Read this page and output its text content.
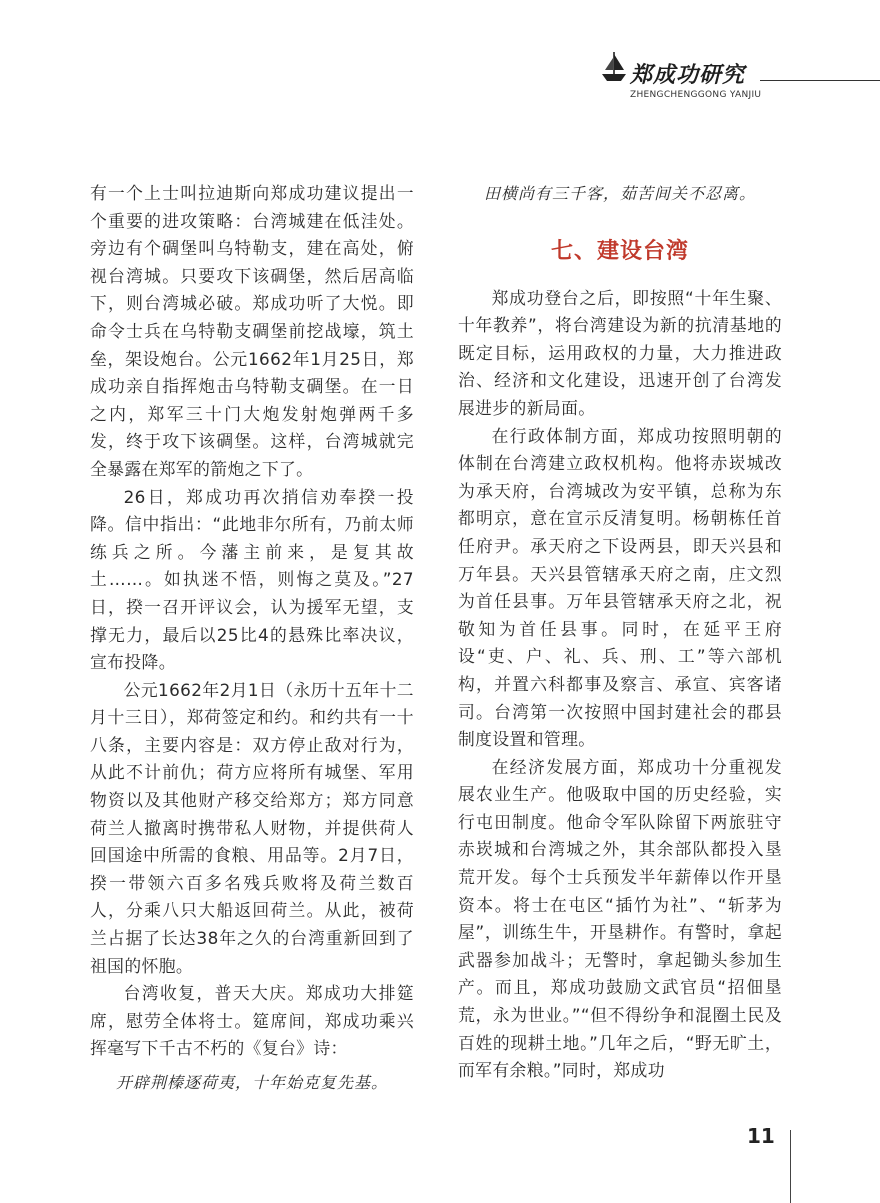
郑成功研究
ZHENGCHENGGONG YANJIU

有一个上士叫拉迪斯向郑成功建议提出一个重要的进攻策略：台湾城建在低洼处。旁边有个碉堡叫乌特勒支，建在高处，俯视台湾城。只要攻下该碉堡，然后居高临下，则台湾城必破。郑成功听了大悦。即命令士兵在乌特勒支碉堡前挖战壕，筑土垒，架设炮台。公元1662年1月25日，郑成功亲自指挥炮击乌特勒支碉堡。在一日之内，郑军三十门大炮发射炮弹两千多发，终于攻下该碉堡。这样，台湾城就完全暴露在郑军的箭炮之下了。

26日，郑成功再次捎信劝奉揆一投降。信中指出：“此地非尔所有，乃前太师练兵之所。今藩主前来，是复其故土……。如执迷不悟，则悔之莫及。”27日，揆一召开评议会，认为援军无望，支撑无力，最后以25比4的悬殊比率决议，宣布投降。

公元1662年2月1日（永历十五年十二月十三日），郑荷签定和约。和约共有一十八条，主要内容是：双方停止敌对行为，从此不计前仇；荷方应将所有城堡、军用物资以及其他财产移交给郑方；郑方同意荷兰人撤离时携带私人财物，并提供荷人回国途中所需的食粮、用品等。2月7日，揆一带领六百多名残兵败将及荷兰数百人，分乘八只大船返回荷兰。从此，被荷兰占据了长达38年之久的台湾重新回到了祖国的怀胞。

台湾收复，普天大庆。郑成功大排筵席，慰劳全体将士。筵席间，郑成功乘兴挥毫写下千古不朽的《复台》诗：

开辟荆榛逐荷夷，十年始克复先基。

田横尚有三千客，茹苦间关不忍离。

七、建设台湾

郑成功登台之后，即按照“十年生聚、十年教养”，将台湾建设为新的抗清基地的既定目标，运用政权的力量，大力推进政治、经济和文化建设，迅速开创了台湾发展进步的新局面。

在行政体制方面，郑成功按照明朝的体制在台湾建立政权机构。他将赤崁城改为承天府，台湾城改为安平镇，总称为东都明京，意在宣示反清复明。杨朝栋任首任府尹。承天府之下设两县，即天兴县和万年县。天兴县管辖承天府之南，庄文烈为首任县事。万年县管辖承天府之北，祝敬知为首任县事。同时，在延平王府设“吏、户、礼、兵、刑、工”等六部机构，并置六科都事及察言、承宣、宾客诸司。台湾第一次按照中国封建社会的郡县制度设置和管理。

在经济发展方面，郑成功十分重视发展农业生产。他吸取中国的历史经验，实行屯田制度。他命令军队除留下两旅驻守赤崁城和台湾城之外，其余部队都投入垦荒开发。每个士兵预发半年薪俸以作开垦资本。将士在屯区“插竹为社”、“斩茅为屋”，训练生牛，开垦耕作。有警时，拿起武器参加战斗；无警时，拿起锄头参加生产。而且，郑成功鼓励文武官员“招佃垦荒，永为世业。”“但不得纷争和混圈土民及百姓的现耕土地。”几年之后，“野无旷土，而军有余粮。”同时，郑成功

11
